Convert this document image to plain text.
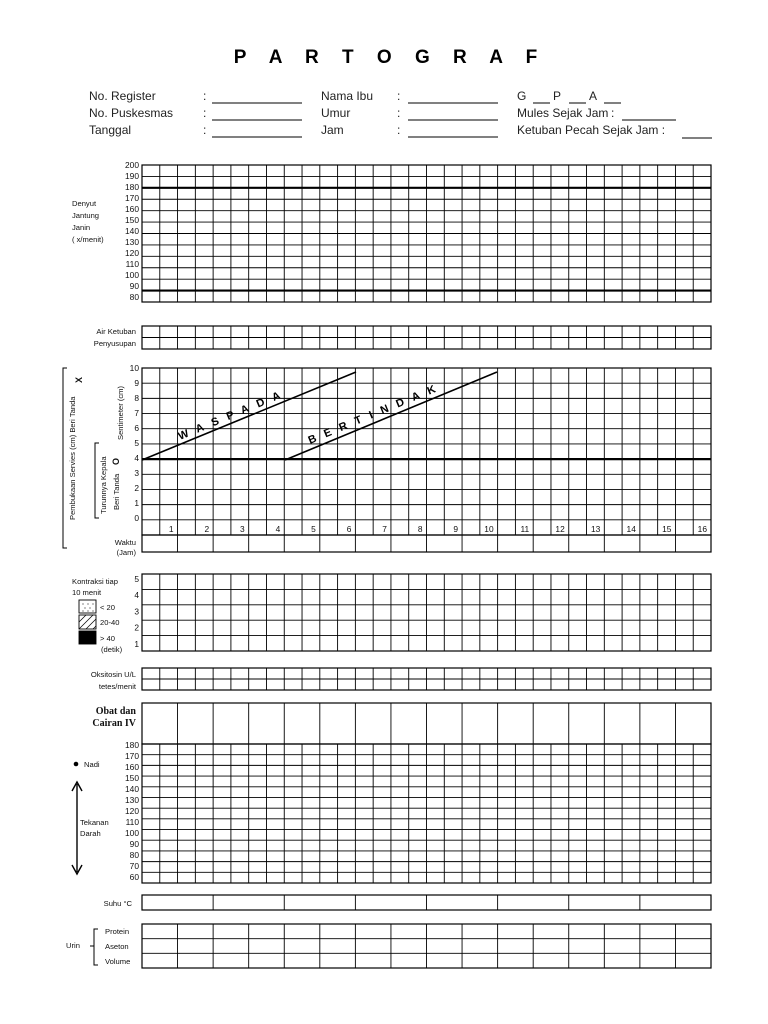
P A R T O G R A F
No. Register	:
No. Puskesmas :
Tanggal	:
Nama Ibu :
Umur	:
Jam	:
G P A
Mules Sejak Jam :
Ketuban Pecah Sejak Jam :
Denyut
Jantung
Janin
( x/menit)
200
190
180
170
160
150
140
130
120
110
100
90
80
Air Ketuban
Penyusupan
Pembukaan Servies (cm) Beri Tanda
X
Turunnya Kepala Beri Tanda
O
Sentimeter (cm)
10
9
8
7
6
5
4
3
2
1
0
1	2	3	4	5	6	7	8	9	10	11	12	13	14	15	16
WASPADA BERTINDAK
Waktu
(Jam)
Kontraksi tiap
10 menit
< 20
20-40
> 40
(detik)
5
4
3
2
1
Oksitosin U/L
tetes/menit
Obat dan
Cairan IV
Nadi
Tekanan
Darah
180
170
160
150
140
130
120
110
100
90
80
70
60
Suhu °C
Urin
Protein
Aseton
Volume
